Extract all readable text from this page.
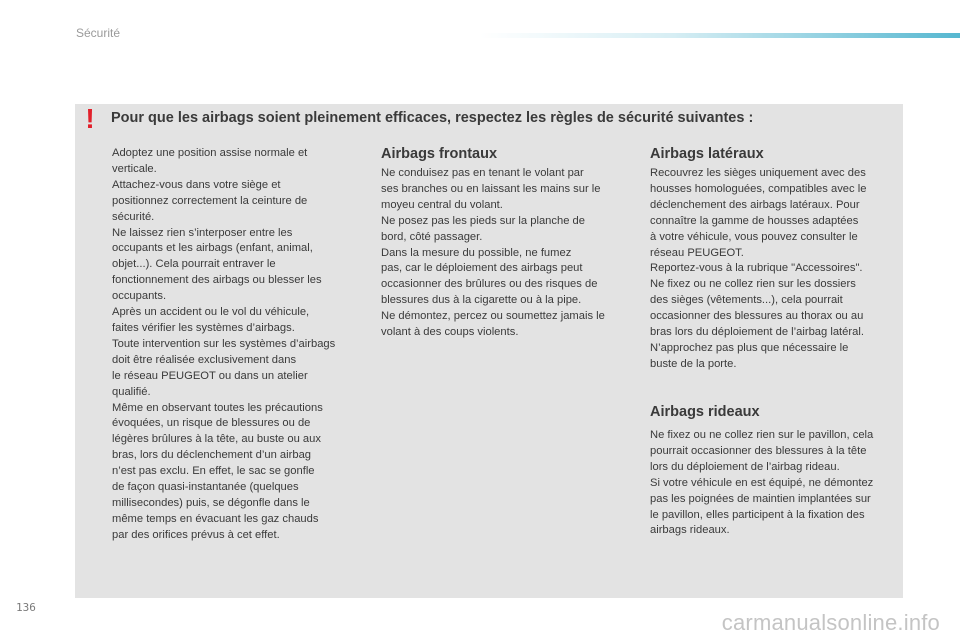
Sécurité
! Pour que les airbags soient pleinement efficaces, respectez les règles de sécurité suivantes :

Adoptez une position assise normale et

verticale.

Attachez-vous dans votre siège et

positionnez correctement la ceinture de

sécurité.

Ne laissez rien s’interposer entre les

occupants et les airbags (enfant, animal,

objet...). Cela pourrait entraver le

fonctionnement des airbags ou blesser les

occupants.

Après un accident ou le vol du véhicule,

faites vérifier les systèmes d’airbags.

Toute intervention sur les systèmes d’airbags

doit être réalisée exclusivement dans

le réseau PEUGEOT ou dans un atelier

qualifié.

Même en observant toutes les précautions

évoquées, un risque de blessures ou de

légères brûlures à la tête, au buste ou aux

bras, lors du déclenchement d’un airbag

n’est pas exclu. En effet, le sac se gonfle

de façon quasi-instantanée (quelques

millisecondes) puis, se dégonfle dans le

même temps en évacuant les gaz chauds

par des orifices prévus à cet effet.

Airbags frontaux

Ne conduisez pas en tenant le volant par

ses branches ou en laissant les mains sur le

moyeu central du volant.

Ne posez pas les pieds sur la planche de

bord, côté passager.

Dans la mesure du possible, ne fumez

pas, car le déploiement des airbags peut

occasionner des brûlures ou des risques de

blessures dus à la cigarette ou à la pipe.

Ne démontez, percez ou soumettez jamais le

volant à des coups violents.

Airbags latéraux

Recouvrez les sièges uniquement avec des

housses homologuées, compatibles avec le

déclenchement des airbags latéraux. Pour

connaître la gamme de housses adaptées

à votre véhicule, vous pouvez consulter le

réseau PEUGEOT.

Reportez-vous à la rubrique "Accessoires".

Ne fixez ou ne collez rien sur les dossiers

des sièges (vêtements...), cela pourrait

occasionner des blessures au thorax ou au

bras lors du déploiement de l’airbag latéral.

N’approchez pas plus que nécessaire le

buste de la porte.

Airbags rideaux

Ne fixez ou ne collez rien sur le pavillon, cela

pourrait occasionner des blessures à la tête

lors du déploiement de l’airbag rideau.

Si votre véhicule en est équipé, ne démontez

pas les poignées de maintien implantées sur

le pavillon, elles participent à la fixation des

airbags rideaux.

136
carmanualsonline.info
